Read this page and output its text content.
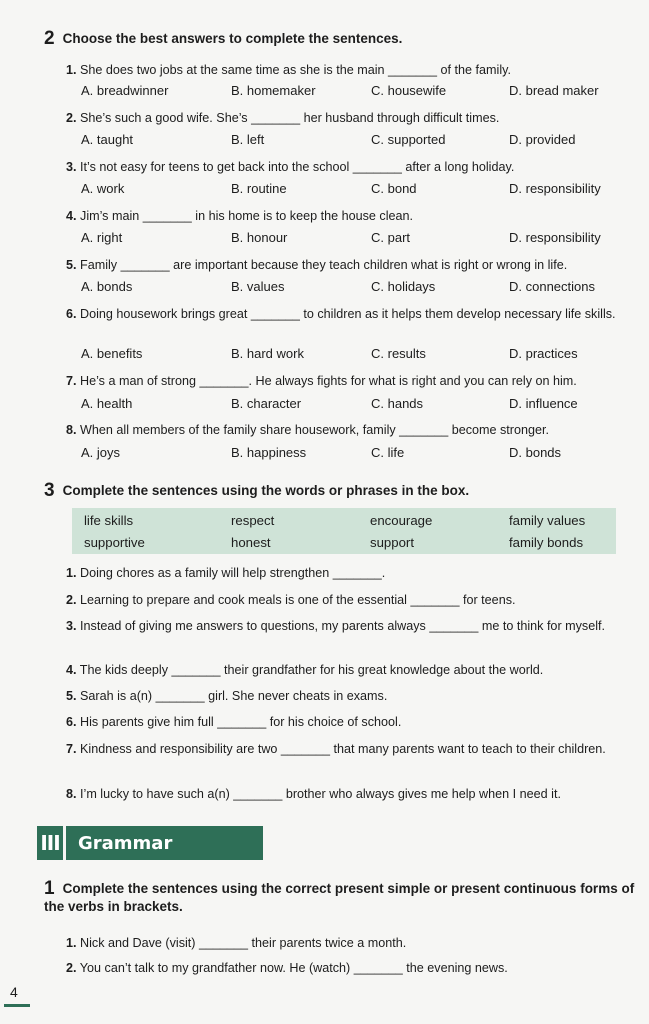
2 Choose the best answers to complete the sentences.
1. She does two jobs at the same time as she is the main _______ of the family.
A. breadwinner	B. homemaker	C. housewife	D. bread maker
2. She’s such a good wife. She’s _______ her husband through difficult times.
A. taught	B. left	C. supported	D. provided
3. It’s not easy for teens to get back into the school _______ after a long holiday.
A. work	B. routine	C. bond	D. responsibility
4. Jim’s main _______ in his home is to keep the house clean.
A. right	B. honour	C. part	D. responsibility
5. Family _______ are important because they teach children what is right or wrong in life.
A. bonds	B. values	C. holidays	D. connections
6. Doing housework brings great _______ to children as it helps them develop necessary life skills.
A. benefits	B. hard work	C. results	D. practices
7. He’s a man of strong _______. He always fights for what is right and you can rely on him.
A. health	B. character	C. hands	D. influence
8. When all members of the family share housework, family _______ become stronger.
A. joys	B. happiness	C. life	D. bonds
3 Complete the sentences using the words or phrases in the box.
life skills	respect	encourage	family values
supportive	honest	support	family bonds
1. Doing chores as a family will help strengthen _______.
2. Learning to prepare and cook meals is one of the essential _______ for teens.
3. Instead of giving me answers to questions, my parents always _______ me to think for myself.
4. The kids deeply _______ their grandfather for his great knowledge about the world.
5. Sarah is a(n) _______ girl. She never cheats in exams.
6. His parents give him full _______ for his choice of school.
7. Kindness and responsibility are two _______ that many parents want to teach to their children.
8. I’m lucky to have such a(n) _______ brother who always gives me help when I need it.
III Grammar
1 Complete the sentences using the correct present simple or present continuous forms of the verbs in brackets.
1. Nick and Dave (visit) _______ their parents twice a month.
2. You can’t talk to my grandfather now. He (watch) _______ the evening news.
4
